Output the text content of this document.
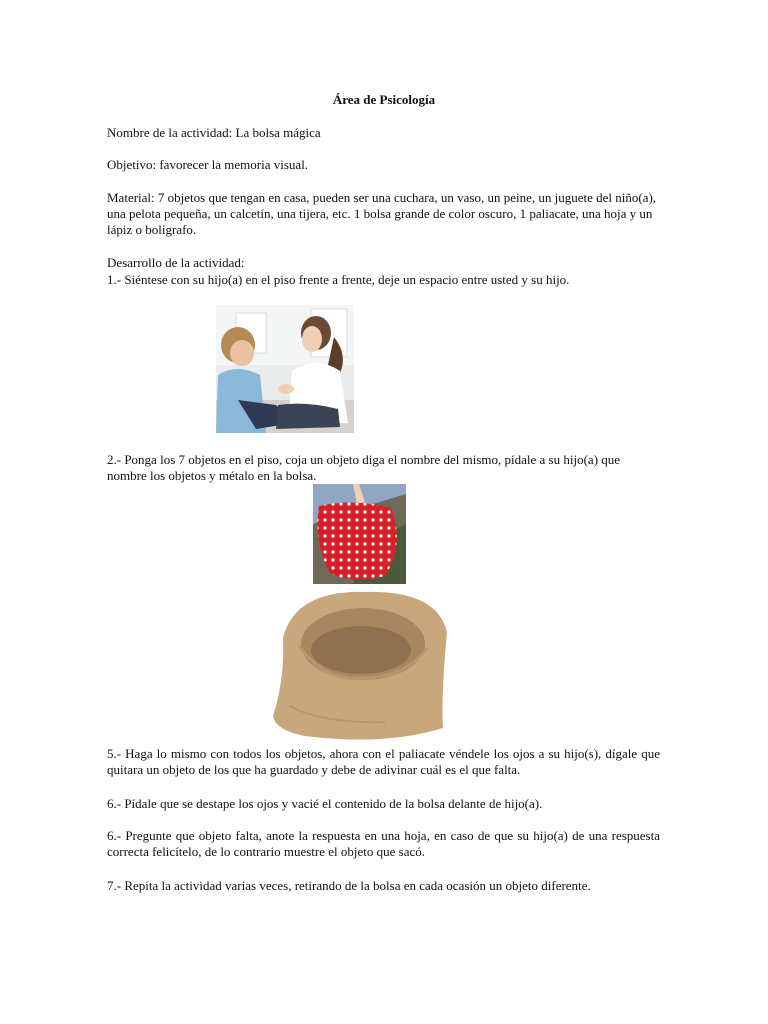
Área de Psicología

Nombre de la actividad: La bolsa mágica

Objetivo: favorecer la memoria visual.

Material: 7 objetos que tengan en casa, pueden ser una cuchara, un vaso, un peine, un juguete del niño(a), una pelota pequeña, un calcetín, una tijera, etc. 1 bolsa grande de color oscuro, 1 paliacate, una hoja y un lápiz o bolígrafo.

Desarrollo de la actividad:

1.- Siéntese con su hijo(a) en el piso frente a frente, deje un espacio entre usted y su hijo.

2.- Ponga los 7 objetos en el piso, coja un objeto diga el nombre del mismo, pídale a su hijo(a) que nombre los objetos y métalo en la bolsa.

5.- Haga lo mismo con todos los objetos, ahora con el paliacate véndele los ojos a su hijo(s), dígale que quitara un objeto de los que ha guardado y debe de adivinar cuál es el que falta.

6.- Pídale que se destape los ojos y vacié el contenido de la bolsa delante de hijo(a).

6.- Pregunte que objeto falta, anote la respuesta en una hoja, en caso de que su hijo(a) de una respuesta correcta felicítelo, de lo contrario muestre el objeto que sacó.

7.- Repita la actividad varias veces, retirando de la bolsa en cada ocasión un objeto diferente.
